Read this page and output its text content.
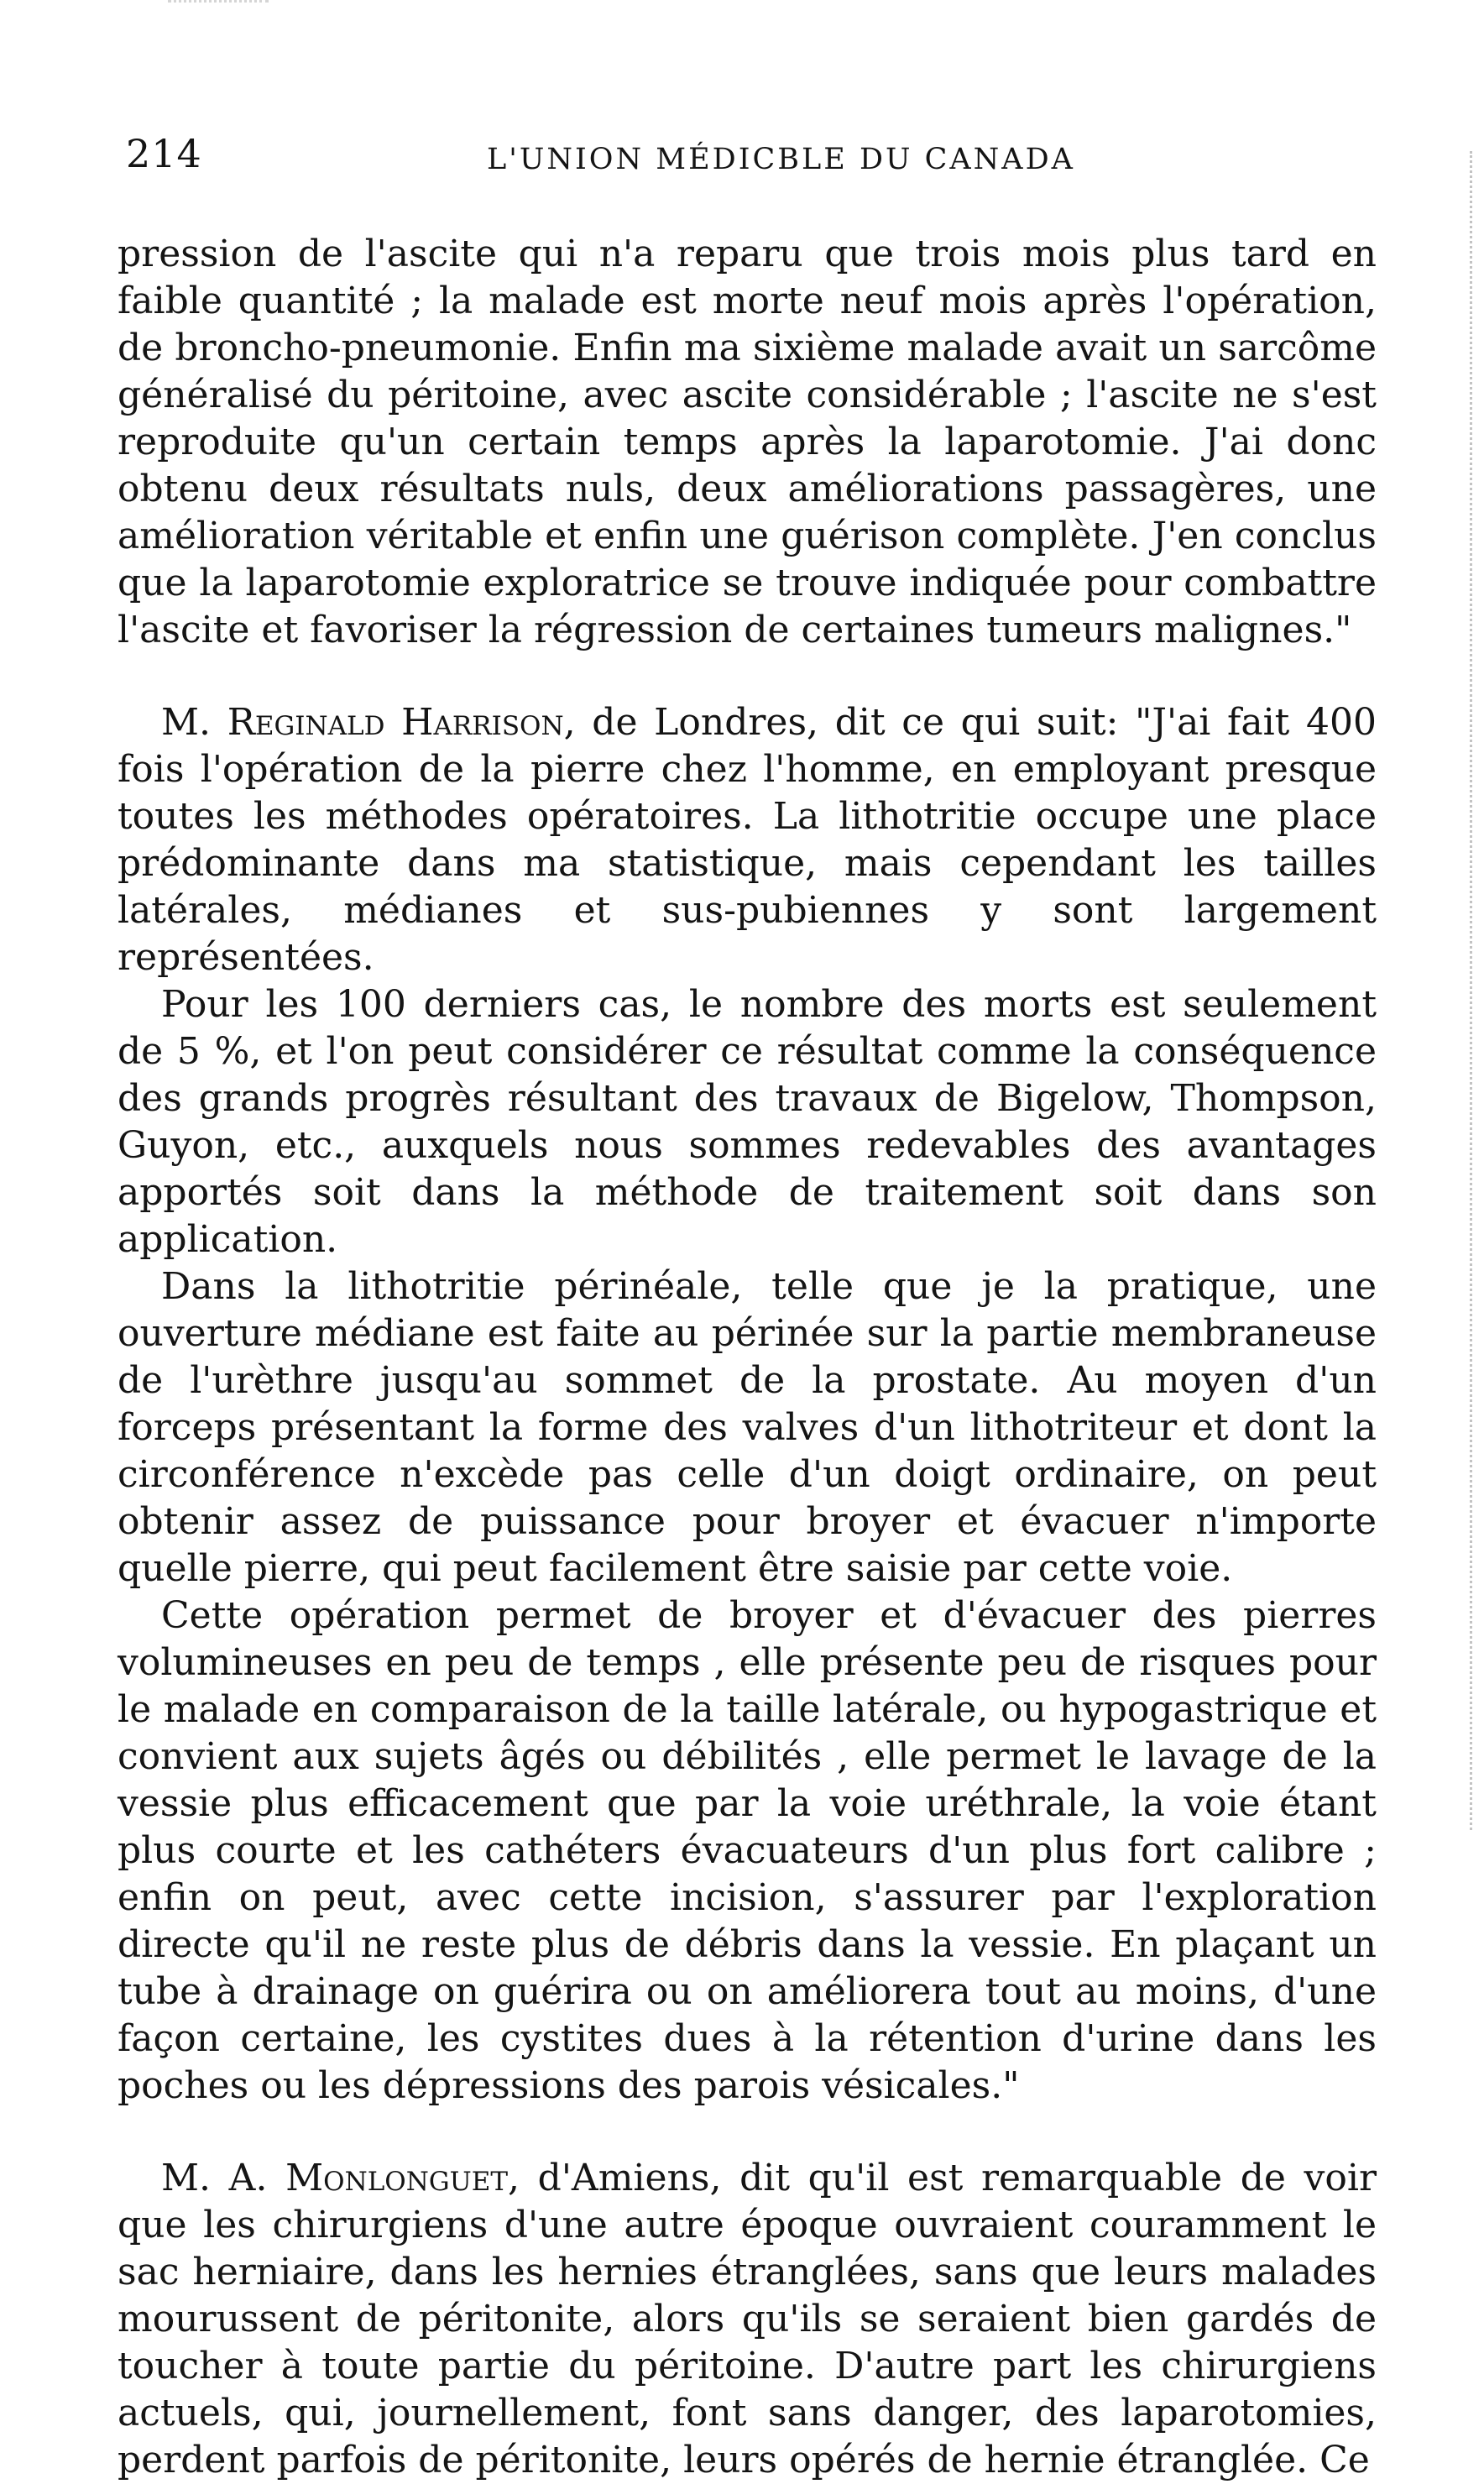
214	L'UNION MÉDICBLE DU CANADA

pression de l'ascite qui n'a reparu que trois mois plus tard en faible quantité ; la malade est morte neuf mois après l'opération, de broncho-pneumonie. Enfin ma sixième malade avait un sarcôme généralisé du péritoine, avec ascite considérable ; l'ascite ne s'est reproduite qu'un certain temps après la laparotomie. J'ai donc obtenu deux résultats nuls, deux améliorations passagères, une amélioration véritable et enfin une guérison complète. J'en conclus que la laparotomie exploratrice se trouve indiquée pour combattre l'ascite et favoriser la régression de certaines tumeurs malignes."

M. Reginald Harrison, de Londres, dit ce qui suit: "J'ai fait 400 fois l'opération de la pierre chez l'homme, en employant presque toutes les méthodes opératoires. La lithotritie occupe une place prédominante dans ma statistique, mais cependant les tailles latérales, médianes et sus-pubiennes y sont largement représentées.

Pour les 100 derniers cas, le nombre des morts est seulement de 5 %, et l'on peut considérer ce résultat comme la conséquence des grands progrès résultant des travaux de Bigelow, Thompson, Guyon, etc., auxquels nous sommes redevables des avantages apportés soit dans la méthode de traitement soit dans son application.

Dans la lithotritie périnéale, telle que je la pratique, une ouverture médiane est faite au périnée sur la partie membraneuse de l'urèthre jusqu'au sommet de la prostate. Au moyen d'un forceps présentant la forme des valves d'un lithotriteur et dont la circonférence n'excède pas celle d'un doigt ordinaire, on peut obtenir assez de puissance pour broyer et évacuer n'importe quelle pierre, qui peut facilement être saisie par cette voie.

Cette opération permet de broyer et d'évacuer des pierres volumineuses en peu de temps , elle présente peu de risques pour le malade en comparaison de la taille latérale, ou hypogastrique et convient aux sujets âgés ou débilités , elle permet le lavage de la vessie plus efficacement que par la voie uréthrale, la voie étant plus courte et les cathéters évacuateurs d'un plus fort calibre ; enfin on peut, avec cette incision, s'assurer par l'exploration directe qu'il ne reste plus de débris dans la vessie. En plaçant un tube à drainage on guérira ou on améliorera tout au moins, d'une façon certaine, les cystites dues à la rétention d'urine dans les poches ou les dépressions des parois vésicales."

M. A. Monlonguet, d'Amiens, dit qu'il est remarquable de voir que les chirurgiens d'une autre époque ouvraient couramment le sac herniaire, dans les hernies étranglées, sans que leurs malades mourussent de péritonite, alors qu'ils se seraient bien gardés de toucher à toute partie du péritoine. D'autre part les chirurgiens actuels, qui, journellement, font sans danger, des laparotomies, perdent parfois de péritonite, leurs opérés de hernie étranglée. Ce
